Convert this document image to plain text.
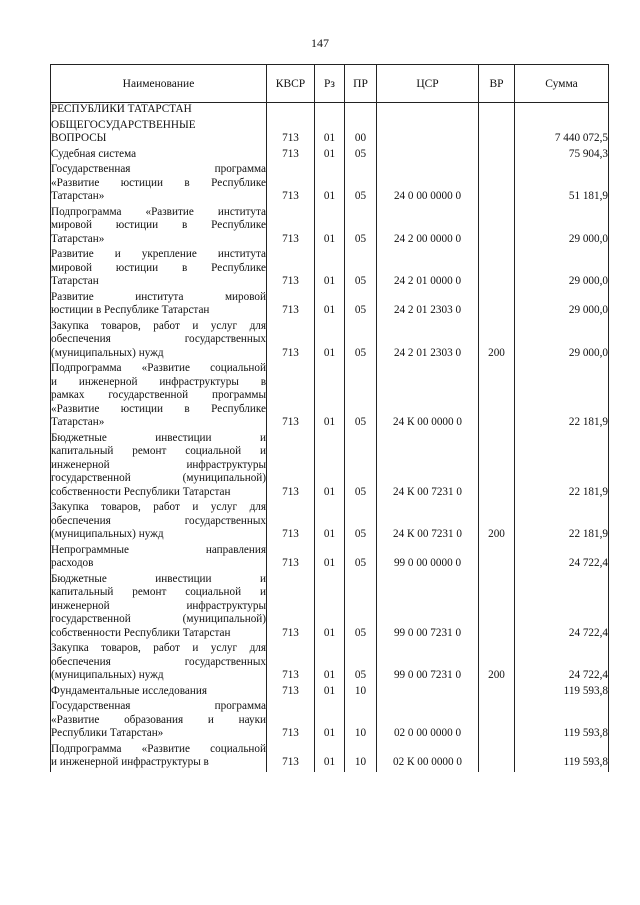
147
Наименование	КВСР	Рз	ПР	ЦСР	ВР	Сумма

РЕСПУБЛИКИ ТАТАРСТАН						

ОБЩЕГОСУДАРСТВЕННЫЕ
ВОПРОСЫ	713	01	00			7 440 072,5

Судебная система	713	01	05			75 904,3

Государственная программа
«Развитие юстиции в Республике
Татарстан»	713	01	05	24 0 00 0000 0		51 181,9

Подпрограмма «Развитие института
мировой юстиции в Республике
Татарстан»	713	01	05	24 2 00 0000 0		29 000,0

Развитие и укрепление института
мировой юстиции в Республике
Татарстан	713	01	05	24 2 01 0000 0		29 000,0

Развитие института мировой
юстиции в Республике Татарстан	713	01	05	24 2 01 2303 0		29 000,0

Закупка товаров, работ и услуг для
обеспечения государственных
(муниципальных) нужд	713	01	05	24 2 01 2303 0	200	29 000,0

Подпрограмма «Развитие социальной
и инженерной инфраструктуры в
рамках государственной программы
«Развитие юстиции в Республике
Татарстан»	713	01	05	24 К 00 0000 0		22 181,9

Бюджетные инвестиции и
капитальный ремонт социальной и
инженерной инфраструктуры
государственной (муниципальной)
собственности Республики Татарстан	713	01	05	24 К 00 7231 0		22 181,9

Закупка товаров, работ и услуг для
обеспечения государственных
(муниципальных) нужд	713	01	05	24 К 00 7231 0	200	22 181,9

Непрограммные направления
расходов	713	01	05	99 0 00 0000 0		24 722,4

Бюджетные инвестиции и
капитальный ремонт социальной и
инженерной инфраструктуры
государственной (муниципальной)
собственности Республики Татарстан	713	01	05	99 0 00 7231 0		24 722,4

Закупка товаров, работ и услуг для
обеспечения государственных
(муниципальных) нужд	713	01	05	99 0 00 7231 0	200	24 722,4

Фундаментальные исследования	713	01	10			119 593,8

Государственная программа
«Развитие образования и науки
Республики Татарстан»	713	01	10	02 0 00 0000 0		119 593,8

Подпрограмма «Развитие социальной
и инженерной инфраструктуры в	713	01	10	02 К 00 0000 0		119 593,8
